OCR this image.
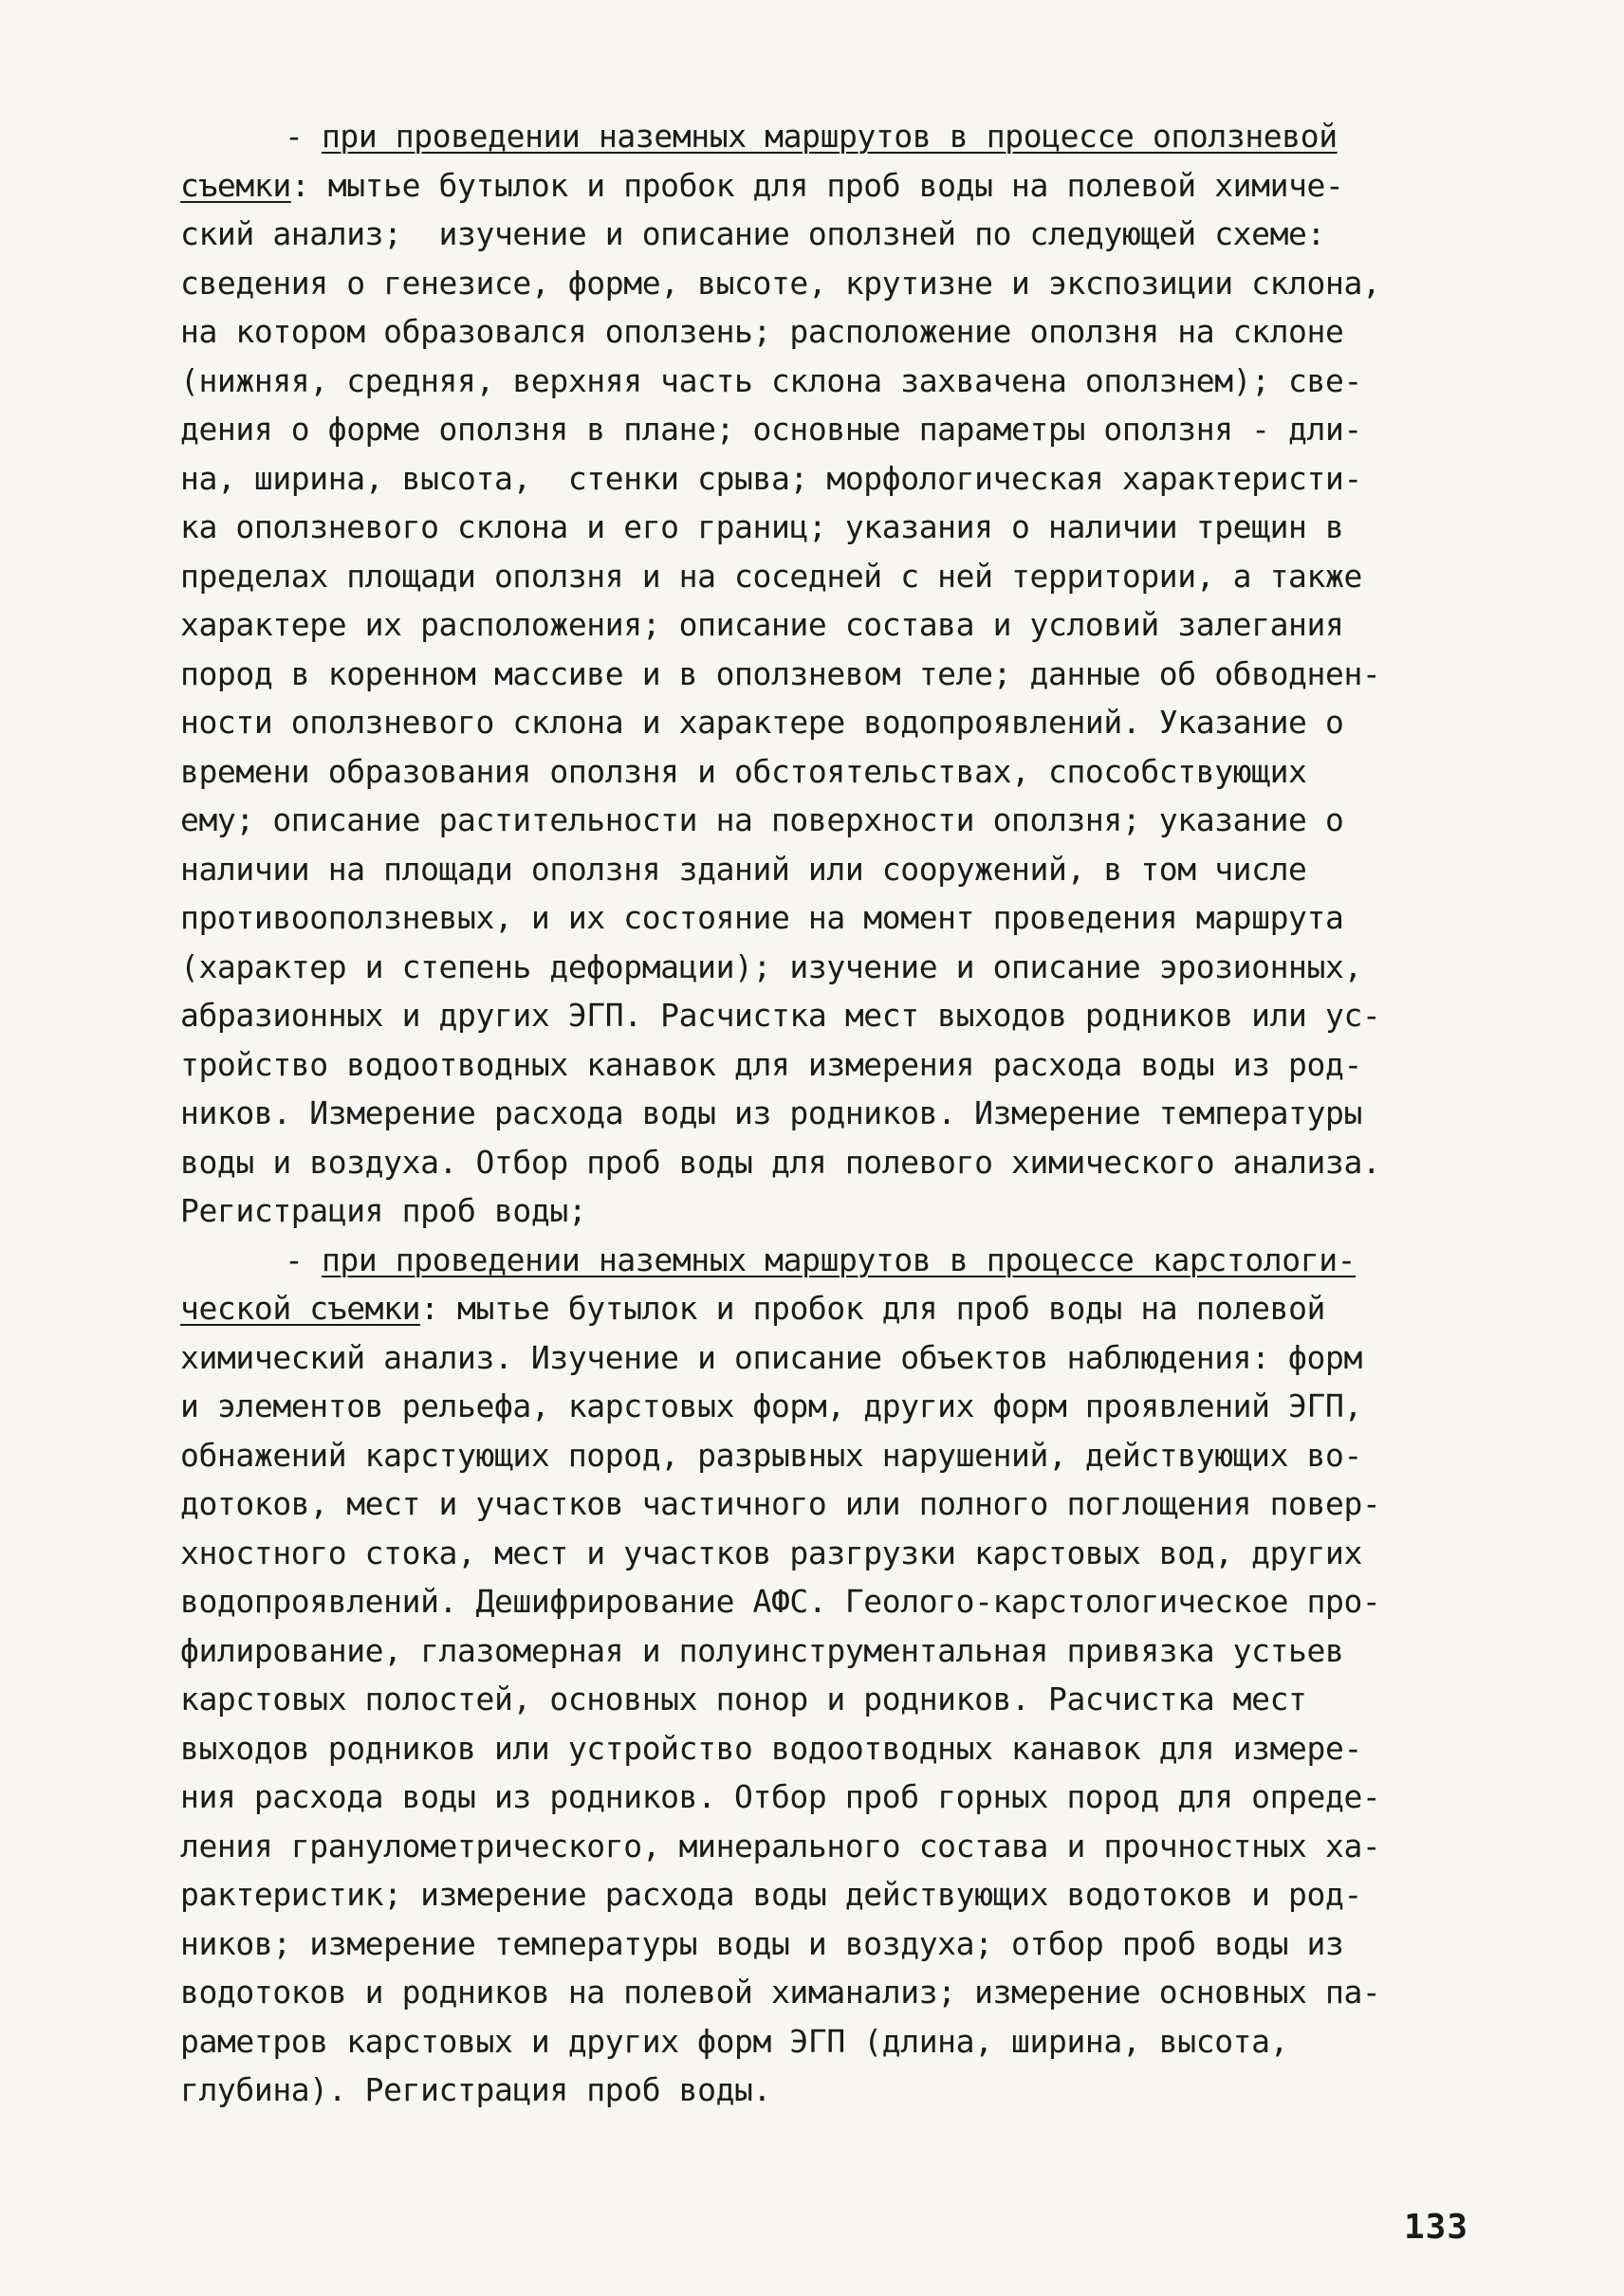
- при проведении наземных маршрутов в процессе оползневой
съемки: мытье бутылок и пробок для проб воды на полевой химиче-
ский анализ;  изучение и описание оползней по следующей схеме:
сведения о генезисе, форме, высоте, крутизне и экспозиции склона,
на котором образовался оползень; расположение оползня на склоне
(нижняя, средняя, верхняя часть склона захвачена оползнем); све-
дения о форме оползня в плане; основные параметры оползня - дли-
на, ширина, высота,  стенки срыва; морфологическая характеристи-
ка оползневого склона и его границ; указания о наличии трещин в
пределах площади оползня и на соседней с ней территории, а также
характере их расположения; описание состава и условий залегания
пород в коренном массиве и в оползневом теле; данные об обводнен-
ности оползневого склона и характере водопроявлений. Указание о
времени образования оползня и обстоятельствах, способствующих
ему; описание растительности на поверхности оползня; указание о
наличии на площади оползня зданий или сооружений, в том числе
противооползневых, и их состояние на момент проведения маршрута
(характер и степень деформации); изучение и описание эрозионных,
абразионных и других ЭГП. Расчистка мест выходов родников или ус-
тройство водоотводных канавок для измерения расхода воды из род-
ников. Измерение расхода воды из родников. Измерение температуры
воды и воздуха. Отбор проб воды для полевого химического анализа.
Регистрация проб воды;
- при проведении наземных маршрутов в процессе карстологи-
ческой съемки: мытье бутылок и пробок для проб воды на полевой
химический анализ. Изучение и описание объектов наблюдения: форм
и элементов рельефа, карстовых форм, других форм проявлений ЭГП,
обнажений карстующих пород, разрывных нарушений, действующих во-
дотоков, мест и участков частичного или полного поглощения повер-
хностного стока, мест и участков разгрузки карстовых вод, других
водопроявлений. Дешифрирование АФС. Геолого-карстологическое про-
филирование, глазомерная и полуинструментальная привязка устьев
карстовых полостей, основных понор и родников. Расчистка мест
выходов родников или устройство водоотводных канавок для измере-
ния расхода воды из родников. Отбор проб горных пород для опреде-
ления гранулометрического, минерального состава и прочностных ха-
рактеристик; измерение расхода воды действующих водотоков и род-
ников; измерение температуры воды и воздуха; отбор проб воды из
водотоков и родников на полевой химанализ; измерение основных па-
раметров карстовых и других форм ЭГП (длина, ширина, высота,
глубина). Регистрация проб воды.
133
